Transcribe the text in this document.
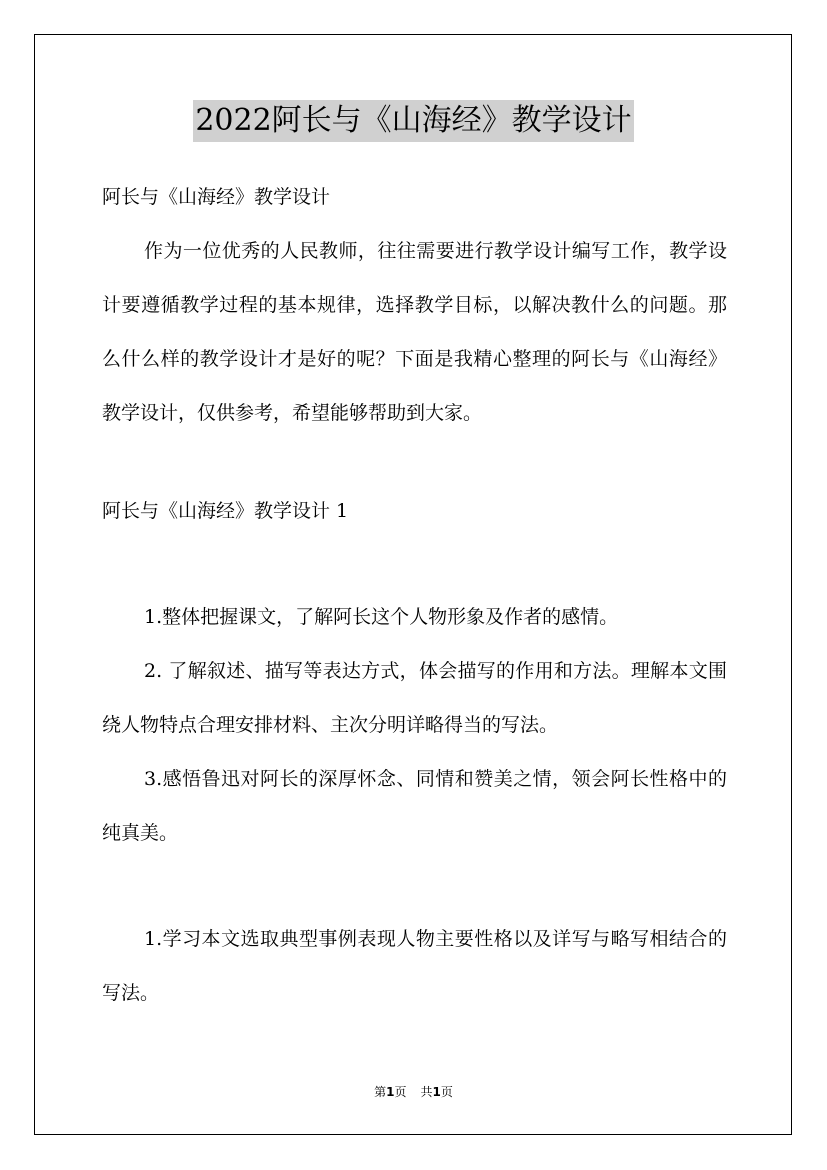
2022阿长与《山海经》教学设计

阿长与《山海经》教学设计

作为一位优秀的人民教师，往往需要进行教学设计编写工作，教学设计要遵循教学过程的基本规律，选择教学目标，以解决教什么的问题。那么什么样的教学设计才是好的呢？下面是我精心整理的阿长与《山海经》教学设计，仅供参考，希望能够帮助到大家。

阿长与《山海经》教学设计 1

1.整体把握课文，了解阿长这个人物形象及作者的感情。

2. 了解叙述、描写等表达方式，体会描写的作用和方法。理解本文围绕人物特点合理安排材料、主次分明详略得当的写法。

3.感悟鲁迅对阿长的深厚怀念、同情和赞美之情，领会阿长性格中的纯真美。

1.学习本文选取典型事例表现人物主要性格以及详写与略写相结合的写法。

第1页 共1页
